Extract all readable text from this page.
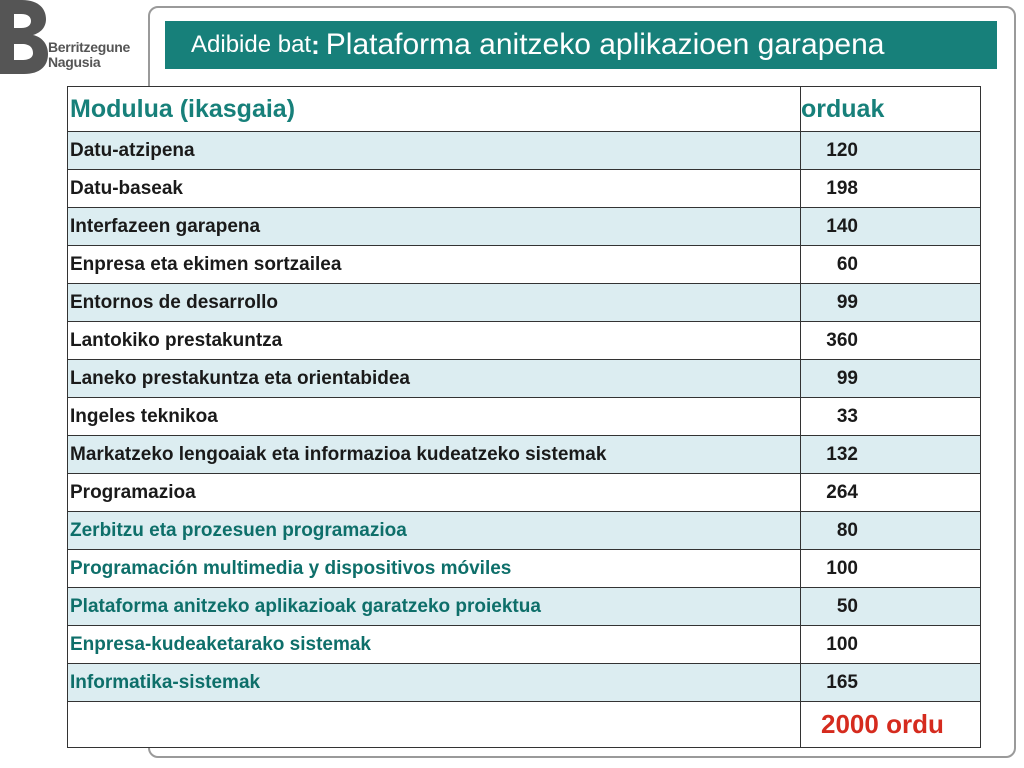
Berritzegune
Nagusia
Adibide bat : Plataforma anitzeko aplikazioen garapena
Modulua (ikasgaia)	orduak
Datu-atzipena	120
Datu-baseak	198
Interfazeen garapena	140
Enpresa eta ekimen sortzailea	60
Entornos de desarrollo	99
Lantokiko prestakuntza	360
Laneko prestakuntza eta orientabidea	99
Ingeles teknikoa	33
Markatzeko lengoaiak eta informazioa kudeatzeko sistemak	132
Programazioa	264
Zerbitzu eta prozesuen programazioa	80
Programación multimedia y dispositivos móviles	100
Plataforma anitzeko aplikazioak garatzeko proiektua	50
Enpresa-kudeaketarako sistemak	100
Informatika-sistemak	165
	2000 ordu
